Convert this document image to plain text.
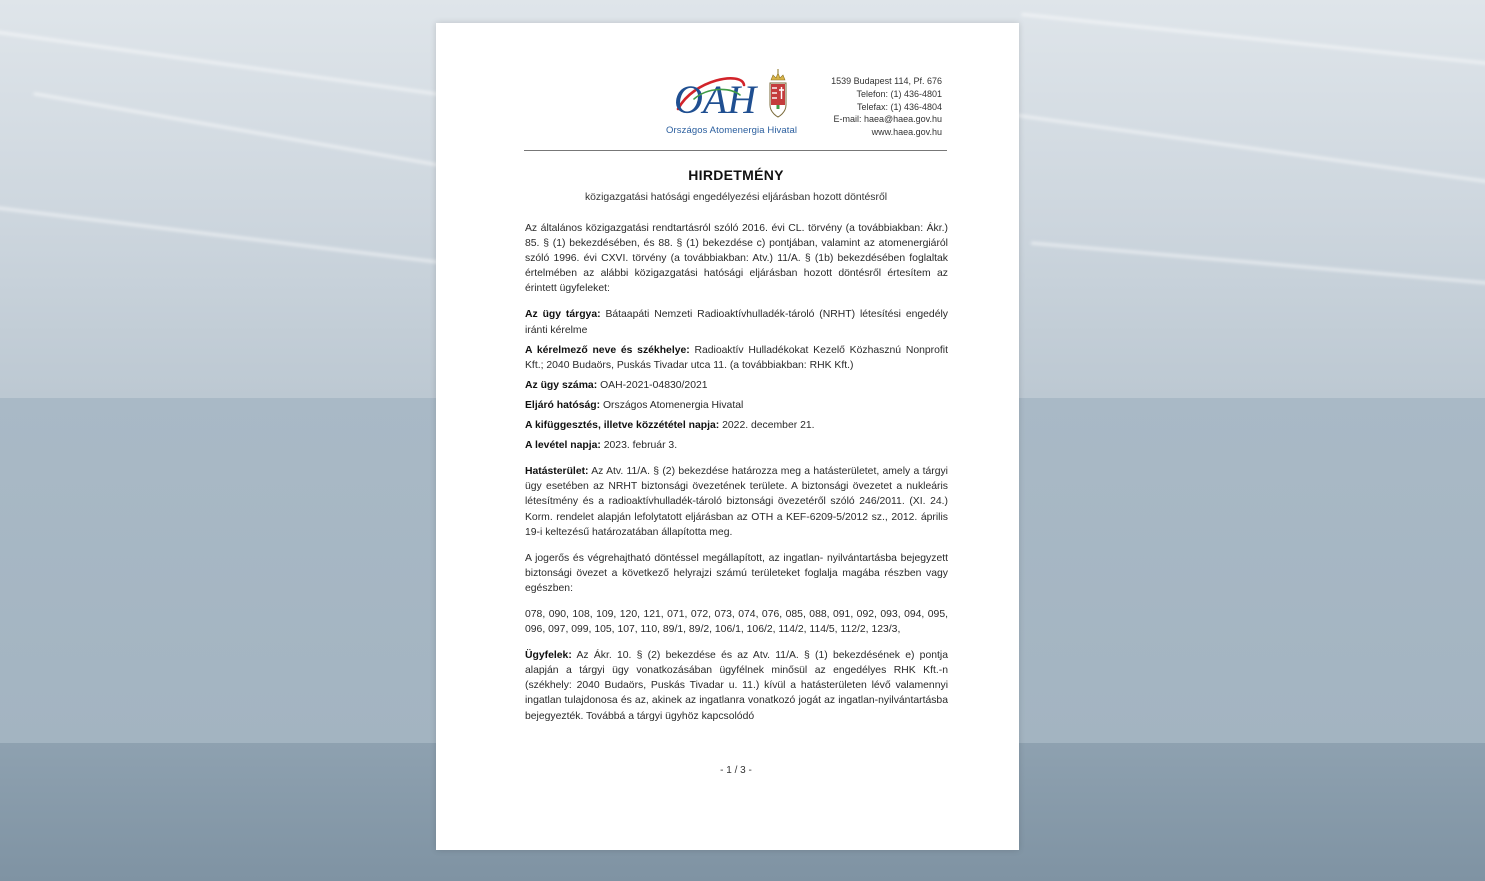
OAH
Országos Atomenergia Hivatal
1539 Budapest 114, Pf. 676
Telefon: (1) 436-4801
Telefax: (1) 436-4804
E-mail: haea@haea.gov.hu
www.haea.gov.hu
HIRDETMÉNY
közigazgatási hatósági engedélyezési eljárásban hozott döntésről

Az általános közigazgatási rendtartásról szóló 2016. évi CL. törvény (a továbbiakban: Ákr.) 85. § (1) bekezdésében, és 88. § (1) bekezdése c) pontjában, valamint az atomenergiáról szóló 1996. évi CXVI. törvény (a továbbiakban: Atv.) 11/A. § (1b) bekezdésében foglaltak értelmében az alábbi közigazgatási hatósági eljárásban hozott döntésről értesítem az érintett ügyfeleket:

Az ügy tárgya: Bátaapáti Nemzeti Radioaktívhulladék-tároló (NRHT) létesítési engedély iránti kérelme

A kérelmező neve és székhelye: Radioaktív Hulladékokat Kezelő Közhasznú Nonprofit Kft.; 2040 Budaörs, Puskás Tivadar utca 11. (a továbbiakban: RHK Kft.)

Az ügy száma: OAH-2021-04830/2021

Eljáró hatóság: Országos Atomenergia Hivatal

A kifüggesztés, illetve közzététel napja: 2022. december 21.

A levétel napja: 2023. február 3.

Hatásterület: Az Atv. 11/A. § (2) bekezdése határozza meg a hatásterületet, amely a tárgyi ügy esetében az NRHT biztonsági övezetének területe. A biztonsági övezetet a nukleáris létesítmény és a radioaktívhulladék-tároló biztonsági övezetéről szóló 246/2011. (XI. 24.) Korm. rendelet alapján lefolytatott eljárásban az OTH a KEF-6209-5/2012 sz., 2012. április 19-i keltezésű határozatában állapította meg.

A jogerős és végrehajtható döntéssel megállapított, az ingatlan- nyilvántartásba bejegyzett biztonsági övezet a következő helyrajzi számú területeket foglalja magába részben vagy egészben:

078, 090, 108, 109, 120, 121, 071, 072, 073, 074, 076, 085, 088, 091, 092, 093, 094, 095, 096, 097, 099, 105, 107, 110, 89/1, 89/2, 106/1, 106/2, 114/2, 114/5, 112/2, 123/3,

Ügyfelek: Az Ákr. 10. § (2) bekezdése és az Atv. 11/A. § (1) bekezdésének e) pontja alapján a tárgyi ügy vonatkozásában ügyfélnek minősül az engedélyes RHK Kft.-n (székhely: 2040 Budaörs, Puskás Tivadar u. 11.) kívül a hatásterületen lévő valamennyi ingatlan tulajdonosa és az, akinek az ingatlanra vonatkozó jogát az ingatlan-nyilvántartásba bejegyezték. Továbbá a tárgyi ügyhöz kapcsolódó

- 1 / 3 -
